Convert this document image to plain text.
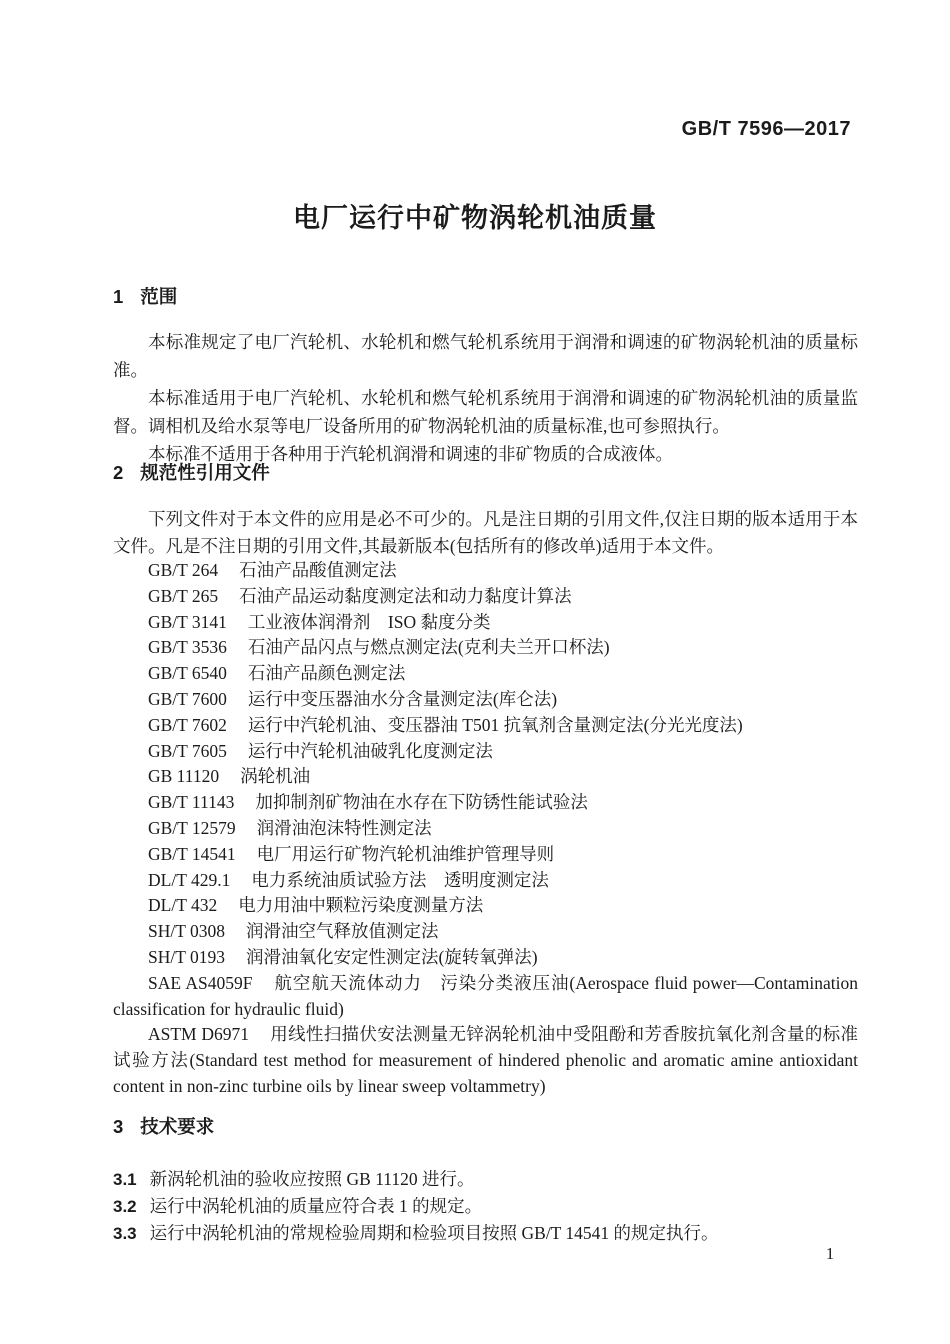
GB/T 7596—2017
电厂运行中矿物涡轮机油质量
1 范围

本标准规定了电厂汽轮机、水轮机和燃气轮机系统用于润滑和调速的矿物涡轮机油的质量标准。

本标准适用于电厂汽轮机、水轮机和燃气轮机系统用于润滑和调速的矿物涡轮机油的质量监督。调相机及给水泵等电厂设备所用的矿物涡轮机油的质量标准,也可参照执行。

本标准不适用于各种用于汽轮机润滑和调速的非矿物质的合成液体。

2 规范性引用文件

下列文件对于本文件的应用是必不可少的。凡是注日期的引用文件,仅注日期的版本适用于本文件。凡是不注日期的引用文件,其最新版本(包括所有的修改单)适用于本文件。

GB/T 264 石油产品酸值测定法

GB/T 265 石油产品运动黏度测定法和动力黏度计算法

GB/T 3141 工业液体润滑剂　ISO 黏度分类

GB/T 3536 石油产品闪点与燃点测定法(克利夫兰开口杯法)

GB/T 6540 石油产品颜色测定法

GB/T 7600 运行中变压器油水分含量测定法(库仑法)

GB/T 7602 运行中汽轮机油、变压器油 T501 抗氧剂含量测定法(分光光度法)

GB/T 7605 运行中汽轮机油破乳化度测定法

GB 11120 涡轮机油

GB/T 11143 加抑制剂矿物油在水存在下防锈性能试验法

GB/T 12579 润滑油泡沫特性测定法

GB/T 14541 电厂用运行矿物汽轮机油维护管理导则

DL/T 429.1 电力系统油质试验方法　透明度测定法

DL/T 432 电力用油中颗粒污染度测量方法

SH/T 0308 润滑油空气释放值测定法

SH/T 0193 润滑油氧化安定性测定法(旋转氧弹法)

SAE AS4059F 航空航天流体动力　污染分类液压油(Aerospace fluid power—Contamination classification for hydraulic fluid)

ASTM D6971 用线性扫描伏安法测量无锌涡轮机油中受阻酚和芳香胺抗氧化剂含量的标准试验方法(Standard test method for measurement of hindered phenolic and aromatic amine antioxidant content in non-zinc turbine oils by linear sweep voltammetry)

3 技术要求

3.1 新涡轮机油的验收应按照 GB 11120 进行。

3.2 运行中涡轮机油的质量应符合表 1 的规定。

3.3 运行中涡轮机油的常规检验周期和检验项目按照 GB/T 14541 的规定执行。

1
